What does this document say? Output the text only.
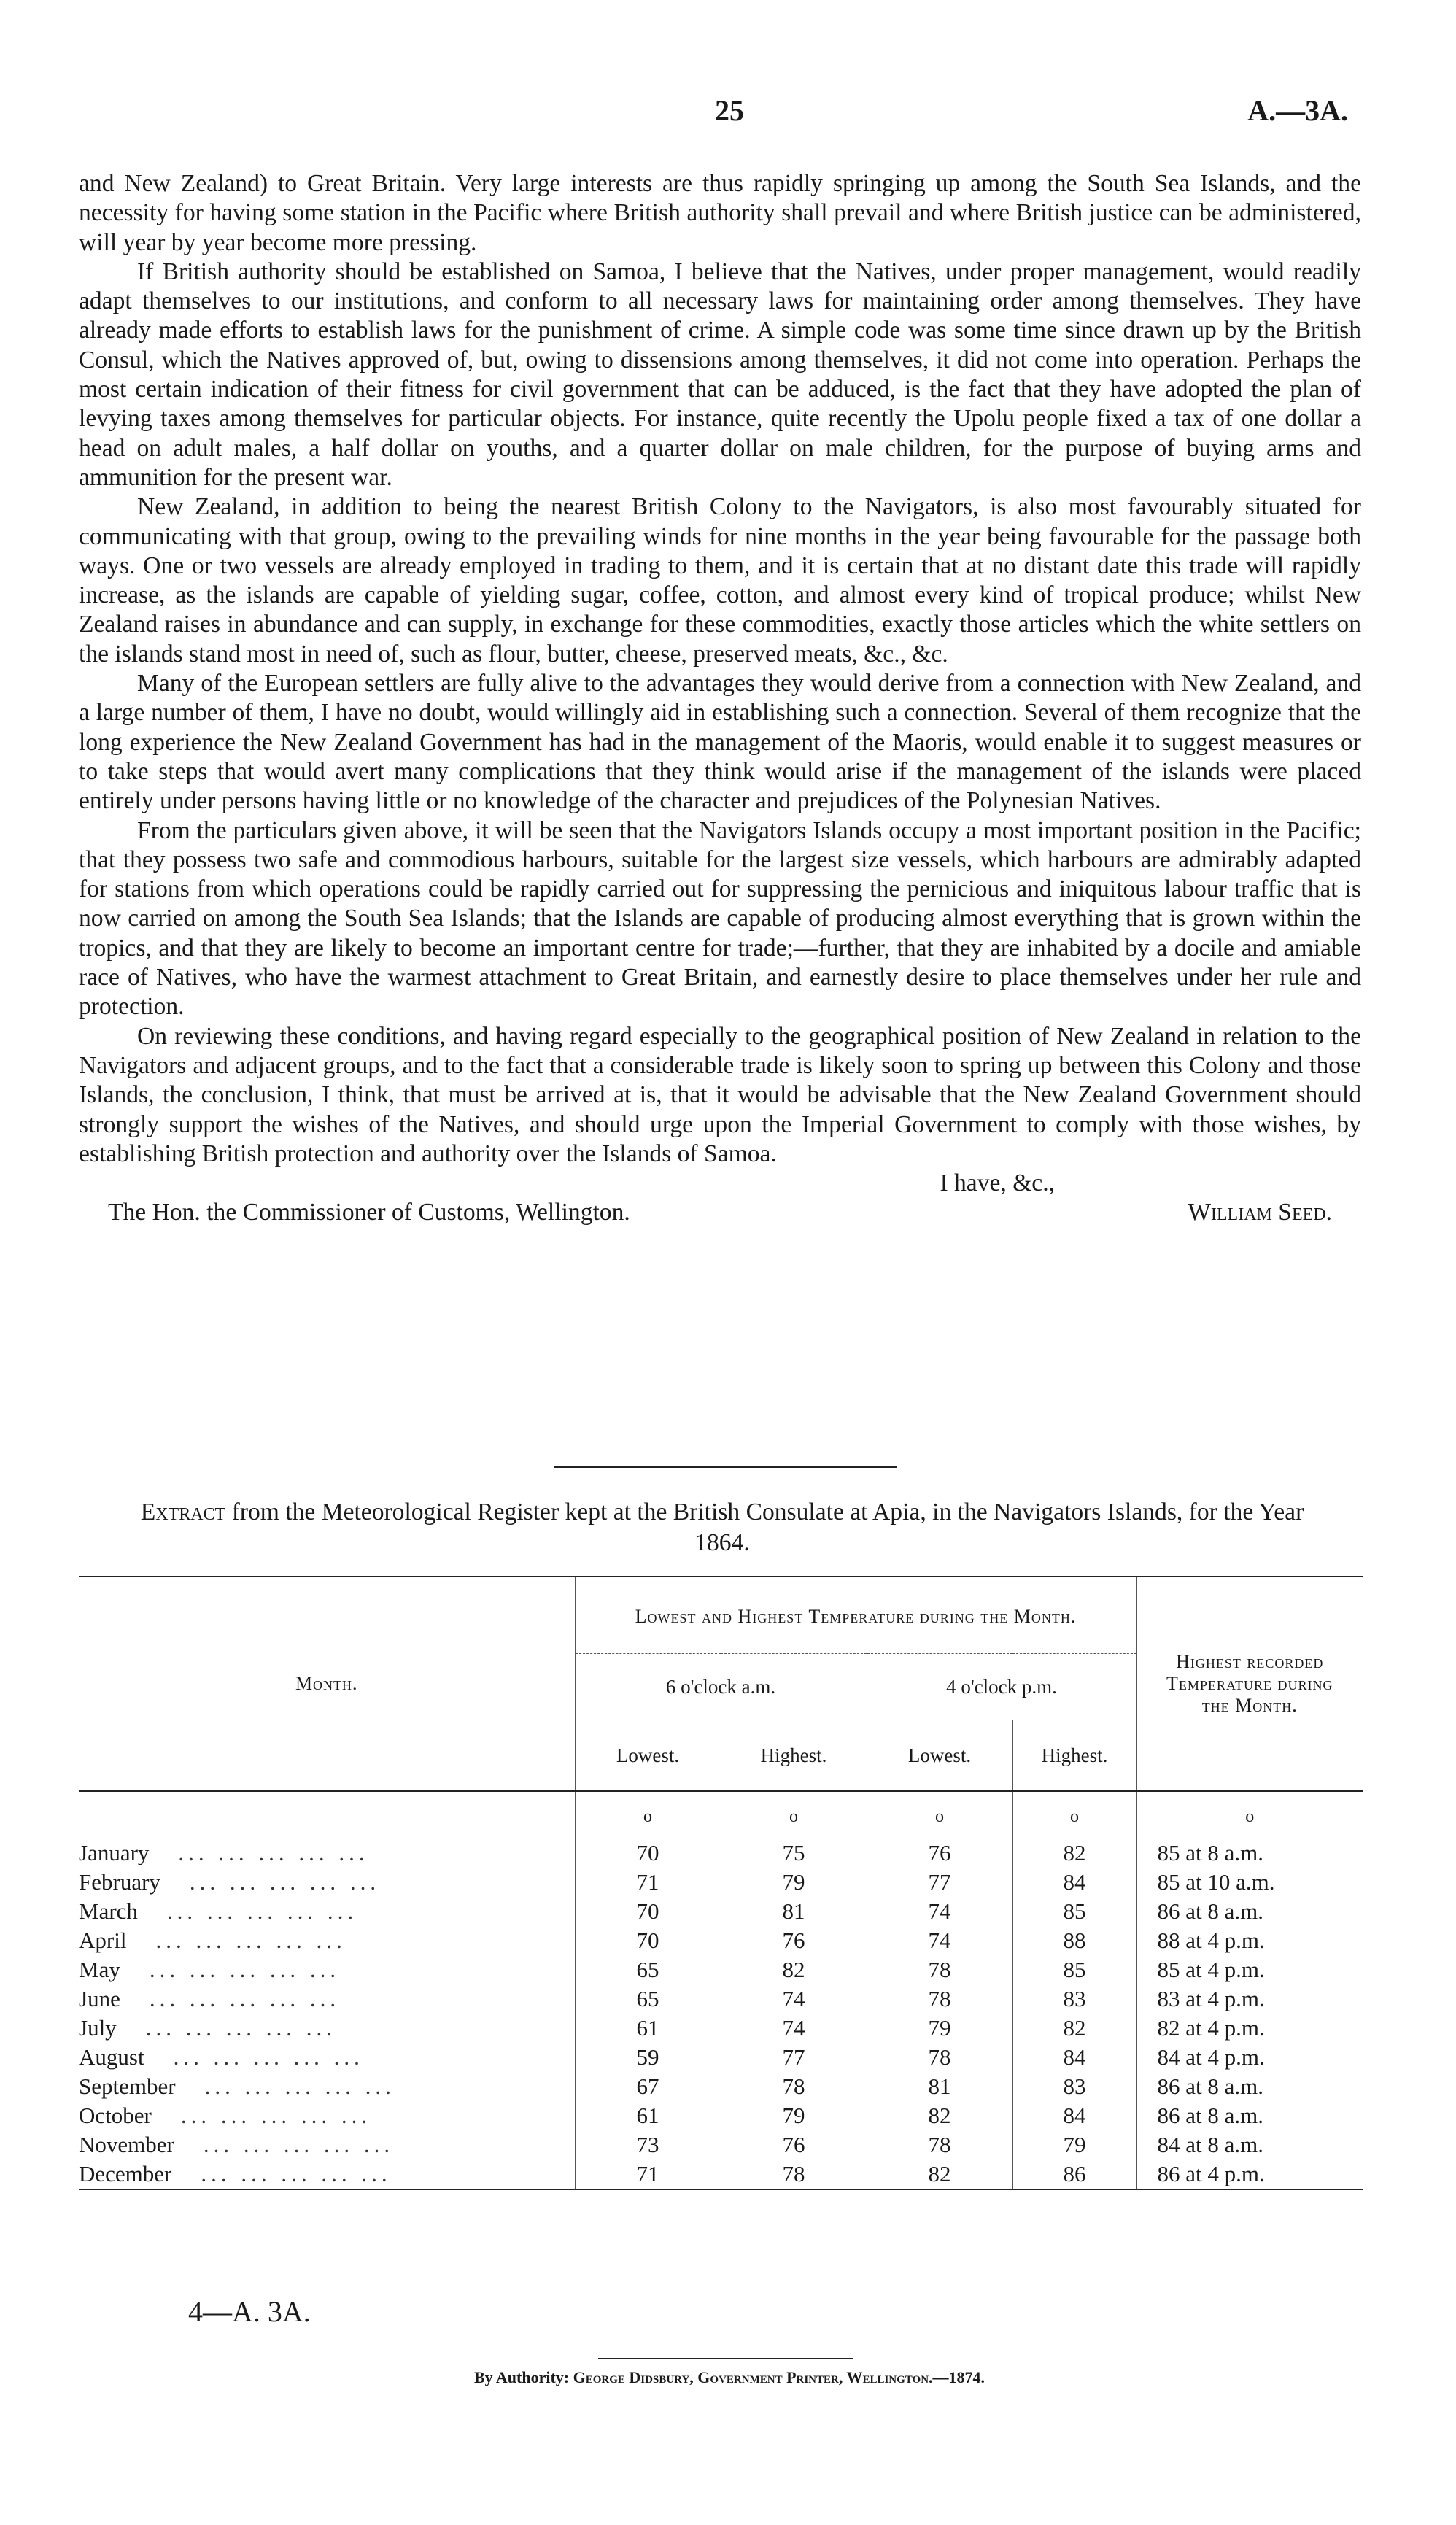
25	A.—3A.

and New Zealand) to Great Britain. Very large interests are thus rapidly springing up among the South Sea Islands, and the necessity for having some station in the Pacific where British authority shall prevail and where British justice can be administered, will year by year become more pressing.

If British authority should be established on Samoa, I believe that the Natives, under proper management, would readily adapt themselves to our institutions, and conform to all necessary laws for maintaining order among themselves. They have already made efforts to establish laws for the punishment of crime. A simple code was some time since drawn up by the British Consul, which the Natives approved of, but, owing to dissensions among themselves, it did not come into operation. Perhaps the most certain indication of their fitness for civil government that can be adduced, is the fact that they have adopted the plan of levying taxes among themselves for particular objects. For instance, quite recently the Upolu people fixed a tax of one dollar a head on adult males, a half dollar on youths, and a quarter dollar on male children, for the purpose of buying arms and ammunition for the present war.

New Zealand, in addition to being the nearest British Colony to the Navigators, is also most favourably situated for communicating with that group, owing to the prevailing winds for nine months in the year being favourable for the passage both ways. One or two vessels are already employed in trading to them, and it is certain that at no distant date this trade will rapidly increase, as the islands are capable of yielding sugar, coffee, cotton, and almost every kind of tropical produce; whilst New Zealand raises in abundance and can supply, in exchange for these commodities, exactly those articles which the white settlers on the islands stand most in need of, such as flour, butter, cheese, preserved meats, &c., &c.

Many of the European settlers are fully alive to the advantages they would derive from a connection with New Zealand, and a large number of them, I have no doubt, would willingly aid in establishing such a connection. Several of them recognize that the long experience the New Zealand Government has had in the management of the Maoris, would enable it to suggest measures or to take steps that would avert many complications that they think would arise if the management of the islands were placed entirely under persons having little or no knowledge of the character and prejudices of the Polynesian Natives.

From the particulars given above, it will be seen that the Navigators Islands occupy a most important position in the Pacific; that they possess two safe and commodious harbours, suitable for the largest size vessels, which harbours are admirably adapted for stations from which operations could be rapidly carried out for suppressing the pernicious and iniquitous labour traffic that is now carried on among the South Sea Islands; that the Islands are capable of producing almost everything that is grown within the tropics, and that they are likely to become an important centre for trade;—further, that they are inhabited by a docile and amiable race of Natives, who have the warmest attachment to Great Britain, and earnestly desire to place themselves under her rule and protection.

On reviewing these conditions, and having regard especially to the geographical position of New Zealand in relation to the Navigators and adjacent groups, and to the fact that a considerable trade is likely soon to spring up between this Colony and those Islands, the conclusion, I think, that must be arrived at is, that it would be advisable that the New Zealand Government should strongly support the wishes of the Natives, and should urge upon the Imperial Government to comply with those wishes, by establishing British protection and authority over the Islands of Samoa.

I have, &c.,
The Hon. the Commissioner of Customs, Wellington.	William Seed.
Extract from the Meteorological Register kept at the British Consulate at Apia, in the Navigators Islands, for the Year 1864.
Month.	Lowest and Highest Temperature during the Month.				Highest recorded Temperature during the Month.
	6 o'clock a.m.		4 o'clock p.m.		
	Lowest.	Highest.	Lowest.	Highest.	
	o	o	o	o	o
January ... ... ... ... ...	70	75	76	82	85 at 8 a.m.
February ... ... ... ... ...	71	79	77	84	85 at 10 a.m.
March ... ... ... ... ...	70	81	74	85	86 at 8 a.m.
April ... ... ... ... ...	70	76	74	88	88 at 4 p.m.
May ... ... ... ... ...	65	82	78	85	85 at 4 p.m.
June ... ... ... ... ...	65	74	78	83	83 at 4 p.m.
July ... ... ... ... ...	61	74	79	82	82 at 4 p.m.
August ... ... ... ... ...	59	77	78	84	84 at 4 p.m.
September ... ... ... ... ...	67	78	81	83	86 at 8 a.m.
October ... ... ... ... ...	61	79	82	84	86 at 8 a.m.
November ... ... ... ... ...	73	76	78	79	84 at 8 a.m.
December ... ... ... ... ...	71	78	82	86	86 at 4 p.m.

4—A. 3A.
By Authority: George Didsbury, Government Printer, Wellington.—1874.
